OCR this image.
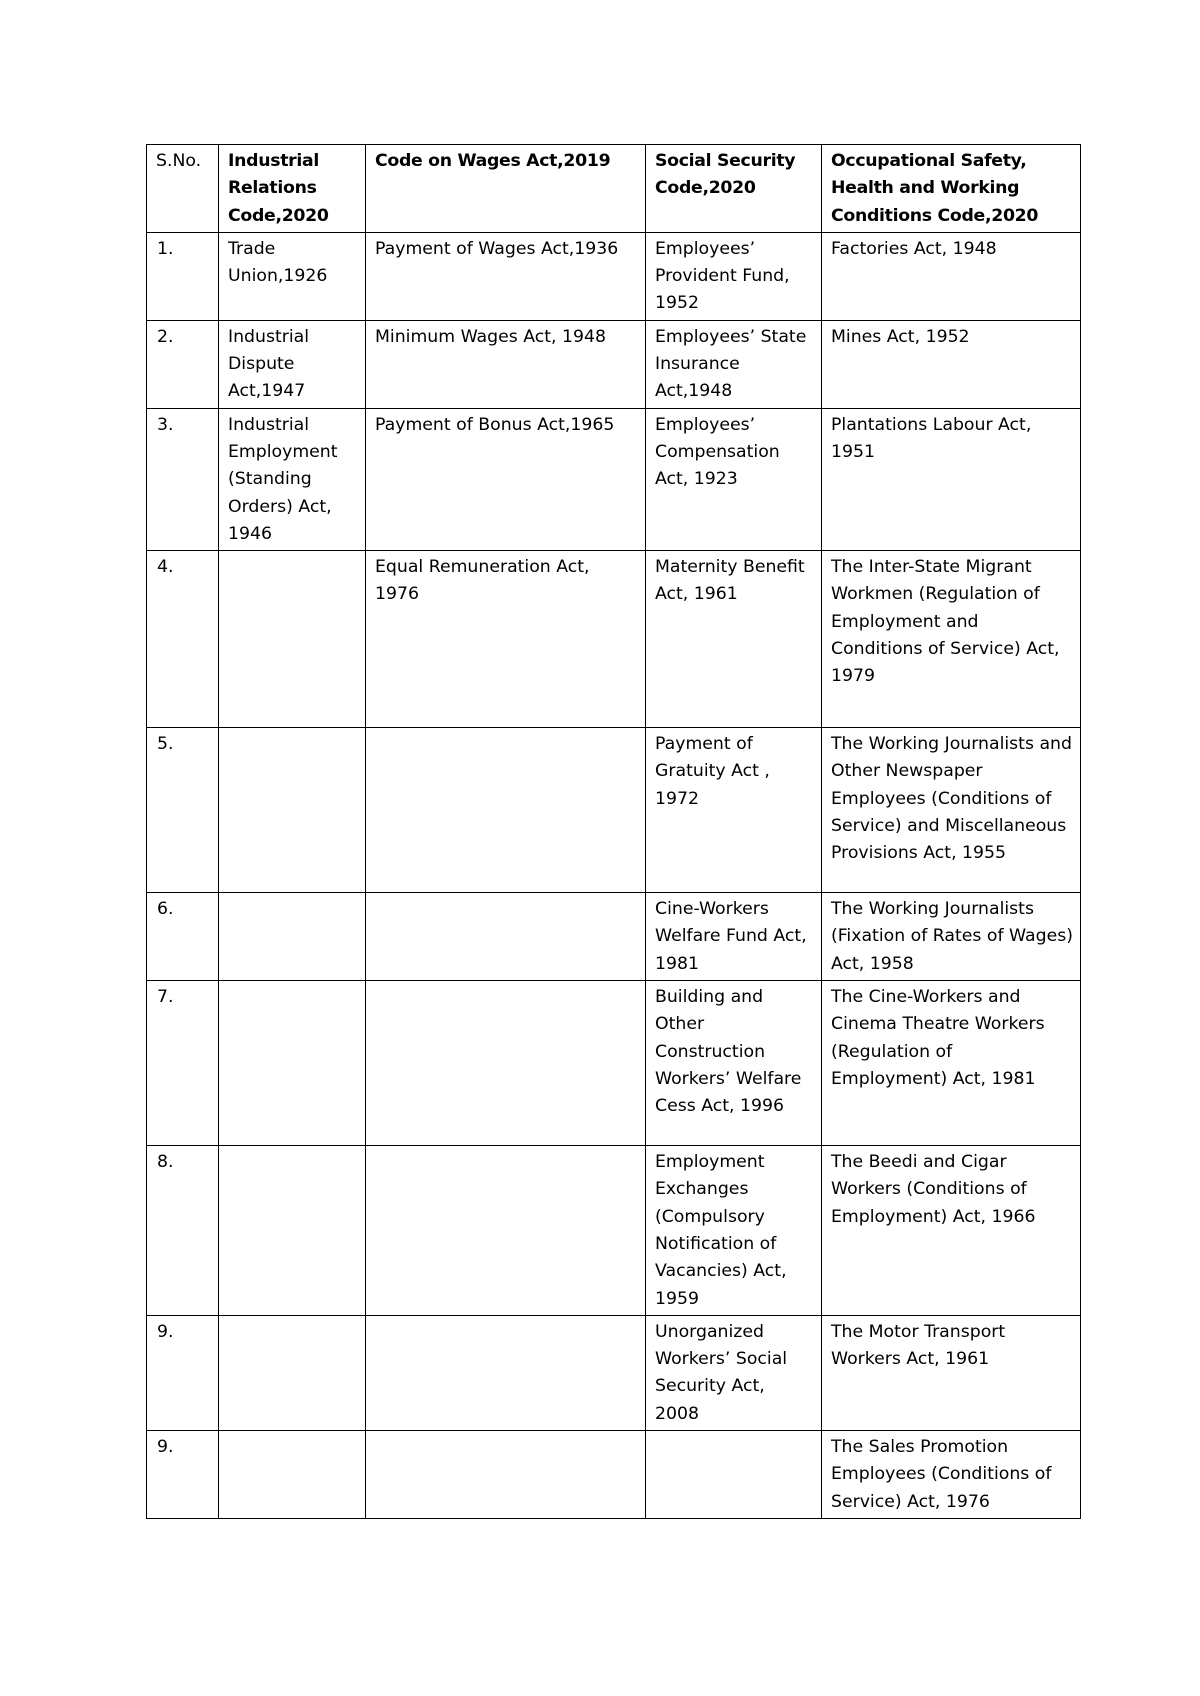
S.No.	Industrial Relations Code,2020	Code on Wages Act,2019	Social Security Code,2020	Occupational Safety, Health and Working Conditions Code,2020
1.	Trade Union,1926	Payment of Wages Act,1936	Employees’ Provident Fund, 1952	Factories Act, 1948
2.	Industrial Dispute Act,1947	Minimum Wages Act, 1948	Employees’ State Insurance Act,1948	Mines Act, 1952
3.	Industrial Employment (Standing Orders) Act, 1946	Payment of Bonus Act,1965	Employees’ Compensation Act, 1923	Plantations Labour Act, 1951
4.		Equal Remuneration Act, 1976	Maternity Benefit Act, 1961	The Inter-State Migrant Workmen (Regulation of Employment and Conditions of Service) Act, 1979
5.			Payment of Gratuity Act , 1972	The Working Journalists and Other Newspaper Employees (Conditions of Service) and Miscellaneous Provisions Act, 1955
6.			Cine-Workers Welfare Fund Act, 1981	The Working Journalists (Fixation of Rates of Wages) Act, 1958
7.			Building and Other Construction Workers’ Welfare Cess Act, 1996	The Cine-Workers and Cinema Theatre Workers (Regulation of Employment) Act, 1981
8.			Employment Exchanges (Compulsory Notification of Vacancies) Act, 1959	The Beedi and Cigar Workers (Conditions of Employment) Act, 1966
9.			Unorganized Workers’ Social Security Act, 2008	The Motor Transport Workers Act, 1961
9.				The Sales Promotion Employees (Conditions of Service) Act, 1976
